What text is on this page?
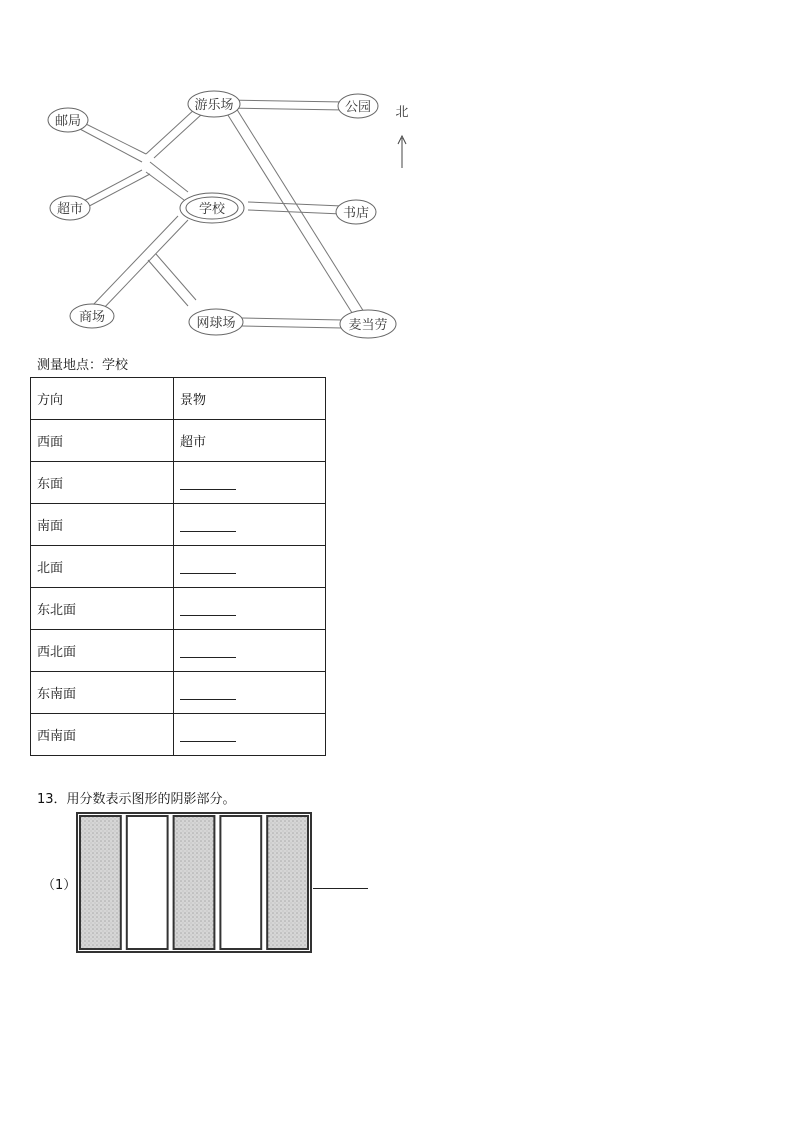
邮局
超市
游乐场	公园
学校	书店
商场	网球场	麦当劳
北
测量地点：学校
方向	景物
西面	超市
东面	
南面	
北面	
东北面	
西北面	
东南面	
西南面	
13．用分数表示图形的阴影部分。
（1）
